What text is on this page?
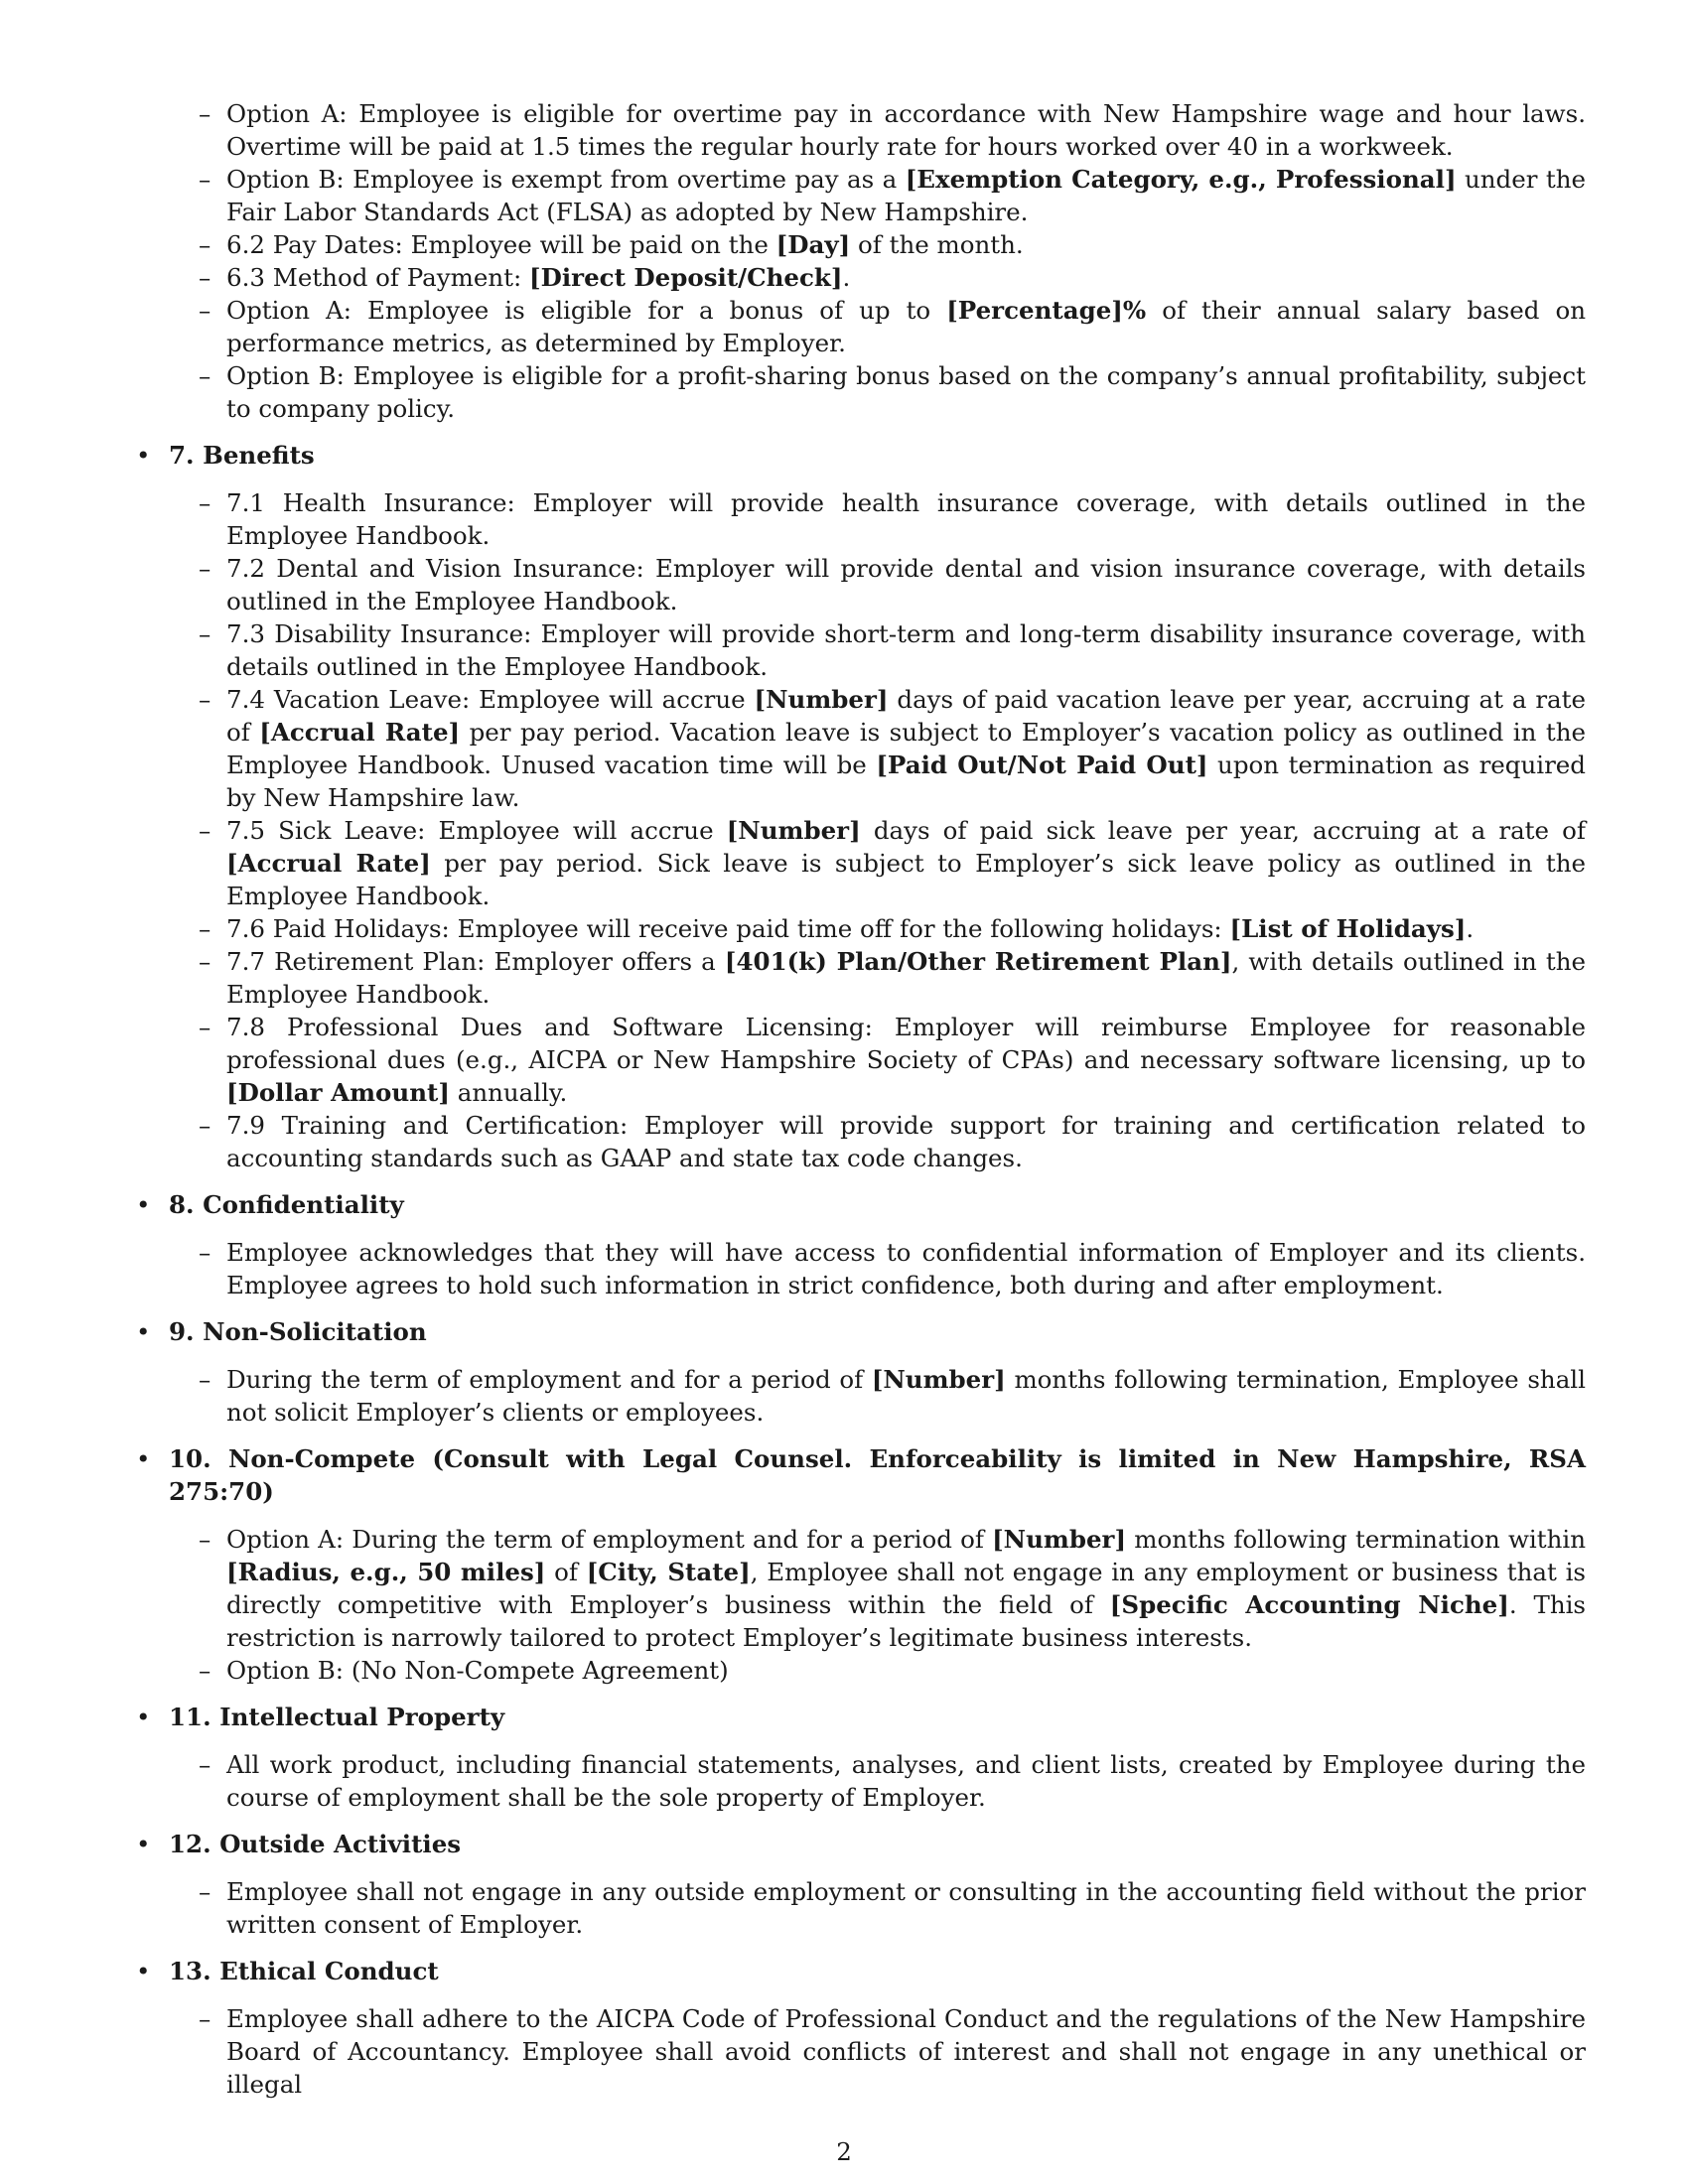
– Option A: Employee is eligible for overtime pay in accordance with New Hampshire wage and hour laws. Overtime will be paid at 1.5 times the regular hourly rate for hours worked over 40 in a workweek.
– Option B: Employee is exempt from overtime pay as a [Exemption Category, e.g., Professional] under the Fair Labor Standards Act (FLSA) as adopted by New Hampshire.
– 6.2 Pay Dates: Employee will be paid on the [Day] of the month.
– 6.3 Method of Payment: [Direct Deposit/Check].
– Option A: Employee is eligible for a bonus of up to [Percentage]% of their annual salary based on performance metrics, as determined by Employer.
– Option B: Employee is eligible for a profit-sharing bonus based on the company’s annual profitability, subject to company policy.
• 7. Benefits
– 7.1 Health Insurance: Employer will provide health insurance coverage, with details outlined in the Employee Handbook.
– 7.2 Dental and Vision Insurance: Employer will provide dental and vision insurance coverage, with details outlined in the Employee Handbook.
– 7.3 Disability Insurance: Employer will provide short-term and long-term disability insurance coverage, with details outlined in the Employee Handbook.
– 7.4 Vacation Leave: Employee will accrue [Number] days of paid vacation leave per year, accruing at a rate of [Accrual Rate] per pay period. Vacation leave is subject to Employer’s vacation policy as outlined in the Employee Handbook. Unused vacation time will be [Paid Out/Not Paid Out] upon termination as required by New Hampshire law.
– 7.5 Sick Leave: Employee will accrue [Number] days of paid sick leave per year, accruing at a rate of [Accrual Rate] per pay period. Sick leave is subject to Employer’s sick leave policy as outlined in the Employee Handbook.
– 7.6 Paid Holidays: Employee will receive paid time off for the following holidays: [List of Holidays].
– 7.7 Retirement Plan: Employer offers a [401(k) Plan/Other Retirement Plan], with details outlined in the Employee Handbook.
– 7.8 Professional Dues and Software Licensing: Employer will reimburse Employee for reasonable professional dues (e.g., AICPA or New Hampshire Society of CPAs) and necessary software licensing, up to [Dollar Amount] annually.
– 7.9 Training and Certification: Employer will provide support for training and certification related to accounting standards such as GAAP and state tax code changes.
• 8. Confidentiality
– Employee acknowledges that they will have access to confidential information of Employer and its clients. Employee agrees to hold such information in strict confidence, both during and after employment.
• 9. Non-Solicitation
– During the term of employment and for a period of [Number] months following termination, Employee shall not solicit Employer’s clients or employees.
• 10. Non-Compete (Consult with Legal Counsel. Enforceability is limited in New Hampshire, RSA 275:70)
– Option A: During the term of employment and for a period of [Number] months following termination within [Radius, e.g., 50 miles] of [City, State], Employee shall not engage in any employment or business that is directly competitive with Employer’s business within the field of [Specific Accounting Niche]. This restriction is narrowly tailored to protect Employer’s legitimate business interests.
– Option B: (No Non-Compete Agreement)
• 11. Intellectual Property
– All work product, including financial statements, analyses, and client lists, created by Employee during the course of employment shall be the sole property of Employer.
• 12. Outside Activities
– Employee shall not engage in any outside employment or consulting in the accounting field without the prior written consent of Employer.
• 13. Ethical Conduct
– Employee shall adhere to the AICPA Code of Professional Conduct and the regulations of the New Hampshire Board of Accountancy. Employee shall avoid conflicts of interest and shall not engage in any unethical or illegal
2
